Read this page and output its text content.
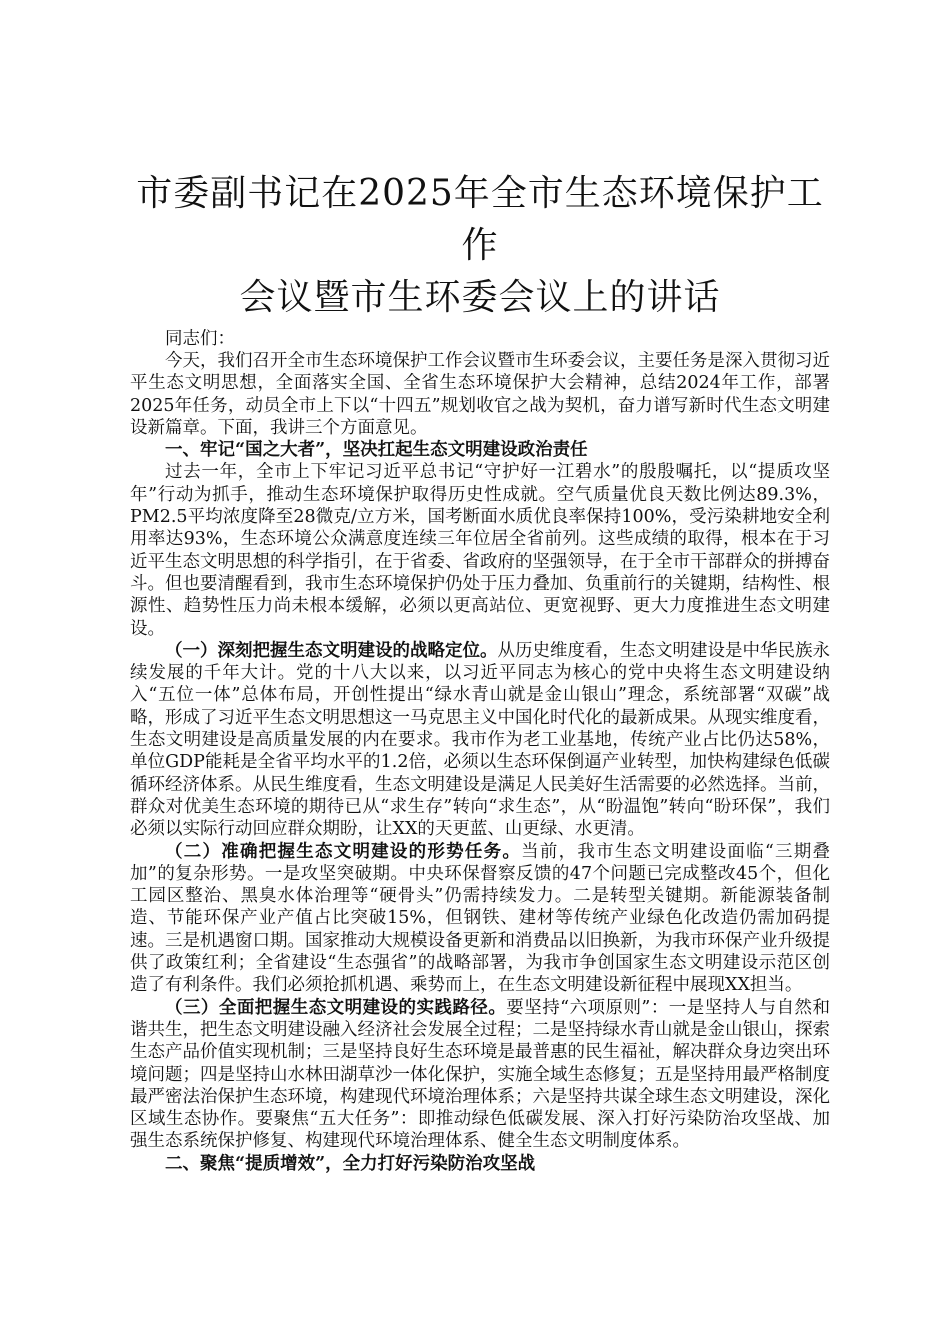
市委副书记在2025年全市生态环境保护工作
会议暨市生环委会议上的讲话

同志们：

今天，我们召开全市生态环境保护工作会议暨市生环委会议，主要任务是深入贯彻习近平生态文明思想，全面落实全国、全省生态环境保护大会精神，总结2024年工作，部署2025年任务，动员全市上下以“十四五”规划收官之战为契机，奋力谱写新时代生态文明建设新篇章。下面，我讲三个方面意见。

一、牢记“国之大者”，坚决扛起生态文明建设政治责任

过去一年，全市上下牢记习近平总书记“守护好一江碧水”的殷殷嘱托，以“提质攻坚年”行动为抓手，推动生态环境保护取得历史性成就。空气质量优良天数比例达89.3%，PM2.5平均浓度降至28微克/立方米，国考断面水质优良率保持100%，受污染耕地安全利用率达93%，生态环境公众满意度连续三年位居全省前列。这些成绩的取得，根本在于习近平生态文明思想的科学指引，在于省委、省政府的坚强领导，在于全市干部群众的拼搏奋斗。但也要清醒看到，我市生态环境保护仍处于压力叠加、负重前行的关键期，结构性、根源性、趋势性压力尚未根本缓解，必须以更高站位、更宽视野、更大力度推进生态文明建设。

（一）深刻把握生态文明建设的战略定位。从历史维度看，生态文明建设是中华民族永续发展的千年大计。党的十八大以来，以习近平同志为核心的党中央将生态文明建设纳入“五位一体”总体布局，开创性提出“绿水青山就是金山银山”理念，系统部署“双碳”战略，形成了习近平生态文明思想这一马克思主义中国化时代化的最新成果。从现实维度看，生态文明建设是高质量发展的内在要求。我市作为老工业基地，传统产业占比仍达58%，单位GDP能耗是全省平均水平的1.2倍，必须以生态环保倒逼产业转型，加快构建绿色低碳循环经济体系。从民生维度看，生态文明建设是满足人民美好生活需要的必然选择。当前，群众对优美生态环境的期待已从“求生存”转向“求生态”，从“盼温饱”转向“盼环保”，我们必须以实际行动回应群众期盼，让XX的天更蓝、山更绿、水更清。

（二）准确把握生态文明建设的形势任务。当前，我市生态文明建设面临“三期叠加”的复杂形势。一是攻坚突破期。中央环保督察反馈的47个问题已完成整改45个，但化工园区整治、黑臭水体治理等“硬骨头”仍需持续发力。二是转型关键期。新能源装备制造、节能环保产业产值占比突破15%，但钢铁、建材等传统产业绿色化改造仍需加码提速。三是机遇窗口期。国家推动大规模设备更新和消费品以旧换新，为我市环保产业升级提供了政策红利；全省建设“生态强省”的战略部署，为我市争创国家生态文明建设示范区创造了有利条件。我们必须抢抓机遇、乘势而上，在生态文明建设新征程中展现XX担当。

（三）全面把握生态文明建设的实践路径。要坚持“六项原则”：一是坚持人与自然和谐共生，把生态文明建设融入经济社会发展全过程；二是坚持绿水青山就是金山银山，探索生态产品价值实现机制；三是坚持良好生态环境是最普惠的民生福祉，解决群众身边突出环境问题；四是坚持山水林田湖草沙一体化保护，实施全域生态修复；五是坚持用最严格制度最严密法治保护生态环境，构建现代环境治理体系；六是坚持共谋全球生态文明建设，深化区域生态协作。要聚焦“五大任务”：即推动绿色低碳发展、深入打好污染防治攻坚战、加强生态系统保护修复、构建现代环境治理体系、健全生态文明制度体系。

二、聚焦“提质增效”，全力打好污染防治攻坚战
